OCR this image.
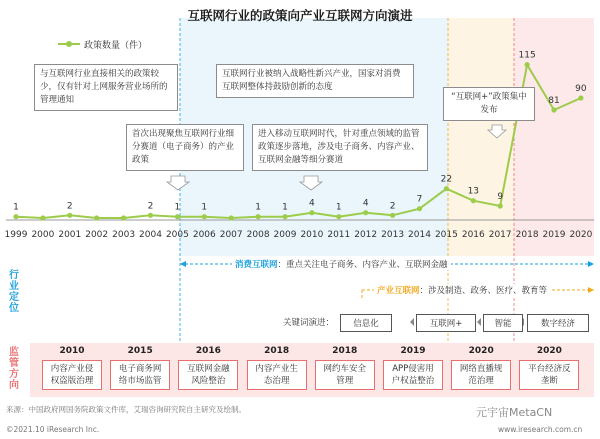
1
1999 2000
2
2001 2002 2003
2
2004
1
2005
1
2006 2007
1
2008
1
2009
4
2010
1
2011
4
2012
2
2013
7
2014
22
2015
13
2016
9
2017
115
2018
81
2019
90
2020
互联网行业的政策向产业互联网方向演进
政策数量（件）
与互联网行业直接相关的政策较少，仅有针对上网服务营业场所的管理通知
首次出现聚焦互联网行业细分赛道（电子商务）的产业政策
互联网行业被纳入战略性新兴产业，国家对消费互联网整体持鼓励创新的态度
进入移动互联网时代，针对重点领域的监管政策逐步落地，涉及电子商务、内容产业、互联网金融等细分赛道
“互联网+”政策集中发布
行业定位
监管方向
消费互联网：重点关注电子商务、内容产业、互联网金融
产业互联网：涉及制造、政务、医疗、教育等
关键词演进：	信息化	互联网+	智能	数字经济
2010
内容产业侵权盗版治理
2015
电子商务网络市场监管
2016
互联网金融风险整治
2018
内容产业生态治理
2018
网约车安全管理
2019
APP侵害用户权益整治
2020
网络直播规范治理
2020
平台经济反垄断
来源：中国政府网国务院政策文件库，艾瑞咨询研究院自主研究及绘制。
©2021.10 iResearch Inc.	www.iresearch.com.cn
元宇宙MetaCN
